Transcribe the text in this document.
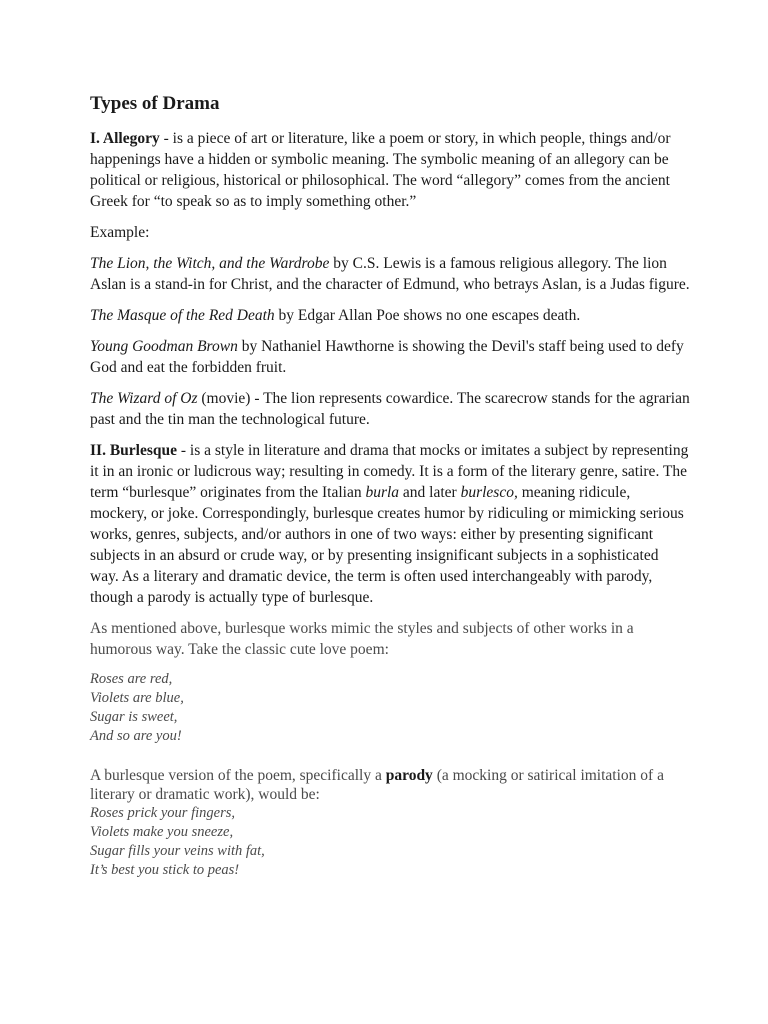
Types of Drama

I. Allegory - is a piece of art or literature, like a poem or story, in which people, things and/or happenings have a hidden or symbolic meaning. The symbolic meaning of an allegory can be political or religious, historical or philosophical. The word “allegory” comes from the ancient Greek for “to speak so as to imply something other.”

Example:

The Lion, the Witch, and the Wardrobe by C.S. Lewis is a famous religious allegory. The lion Aslan is a stand-in for Christ, and the character of Edmund, who betrays Aslan, is a Judas figure.

The Masque of the Red Death by Edgar Allan Poe shows no one escapes death.

Young Goodman Brown by Nathaniel Hawthorne is showing the Devil's staff being used to defy God and eat the forbidden fruit.

The Wizard of Oz (movie) - The lion represents cowardice. The scarecrow stands for the agrarian past and the tin man the technological future.

II. Burlesque - is a style in literature and drama that mocks or imitates a subject by representing it in an ironic or ludicrous way; resulting in comedy. It is a form of the literary genre, satire. The term “burlesque” originates from the Italian burla and later burlesco, meaning ridicule, mockery, or joke. Correspondingly, burlesque creates humor by ridiculing or mimicking serious works, genres, subjects, and/or authors in one of two ways: either by presenting significant subjects in an absurd or crude way, or by presenting insignificant subjects in a sophisticated way. As a literary and dramatic device, the term is often used interchangeably with parody, though a parody is actually type of burlesque.

As mentioned above, burlesque works mimic the styles and subjects of other works in a humorous way. Take the classic cute love poem:

Roses are red,
Violets are blue,
Sugar is sweet,
And so are you!

A burlesque version of the poem, specifically a parody (a mocking or satirical imitation of a literary or dramatic work), would be:

Roses prick your fingers,
Violets make you sneeze,
Sugar fills your veins with fat,
It’s best you stick to peas!
